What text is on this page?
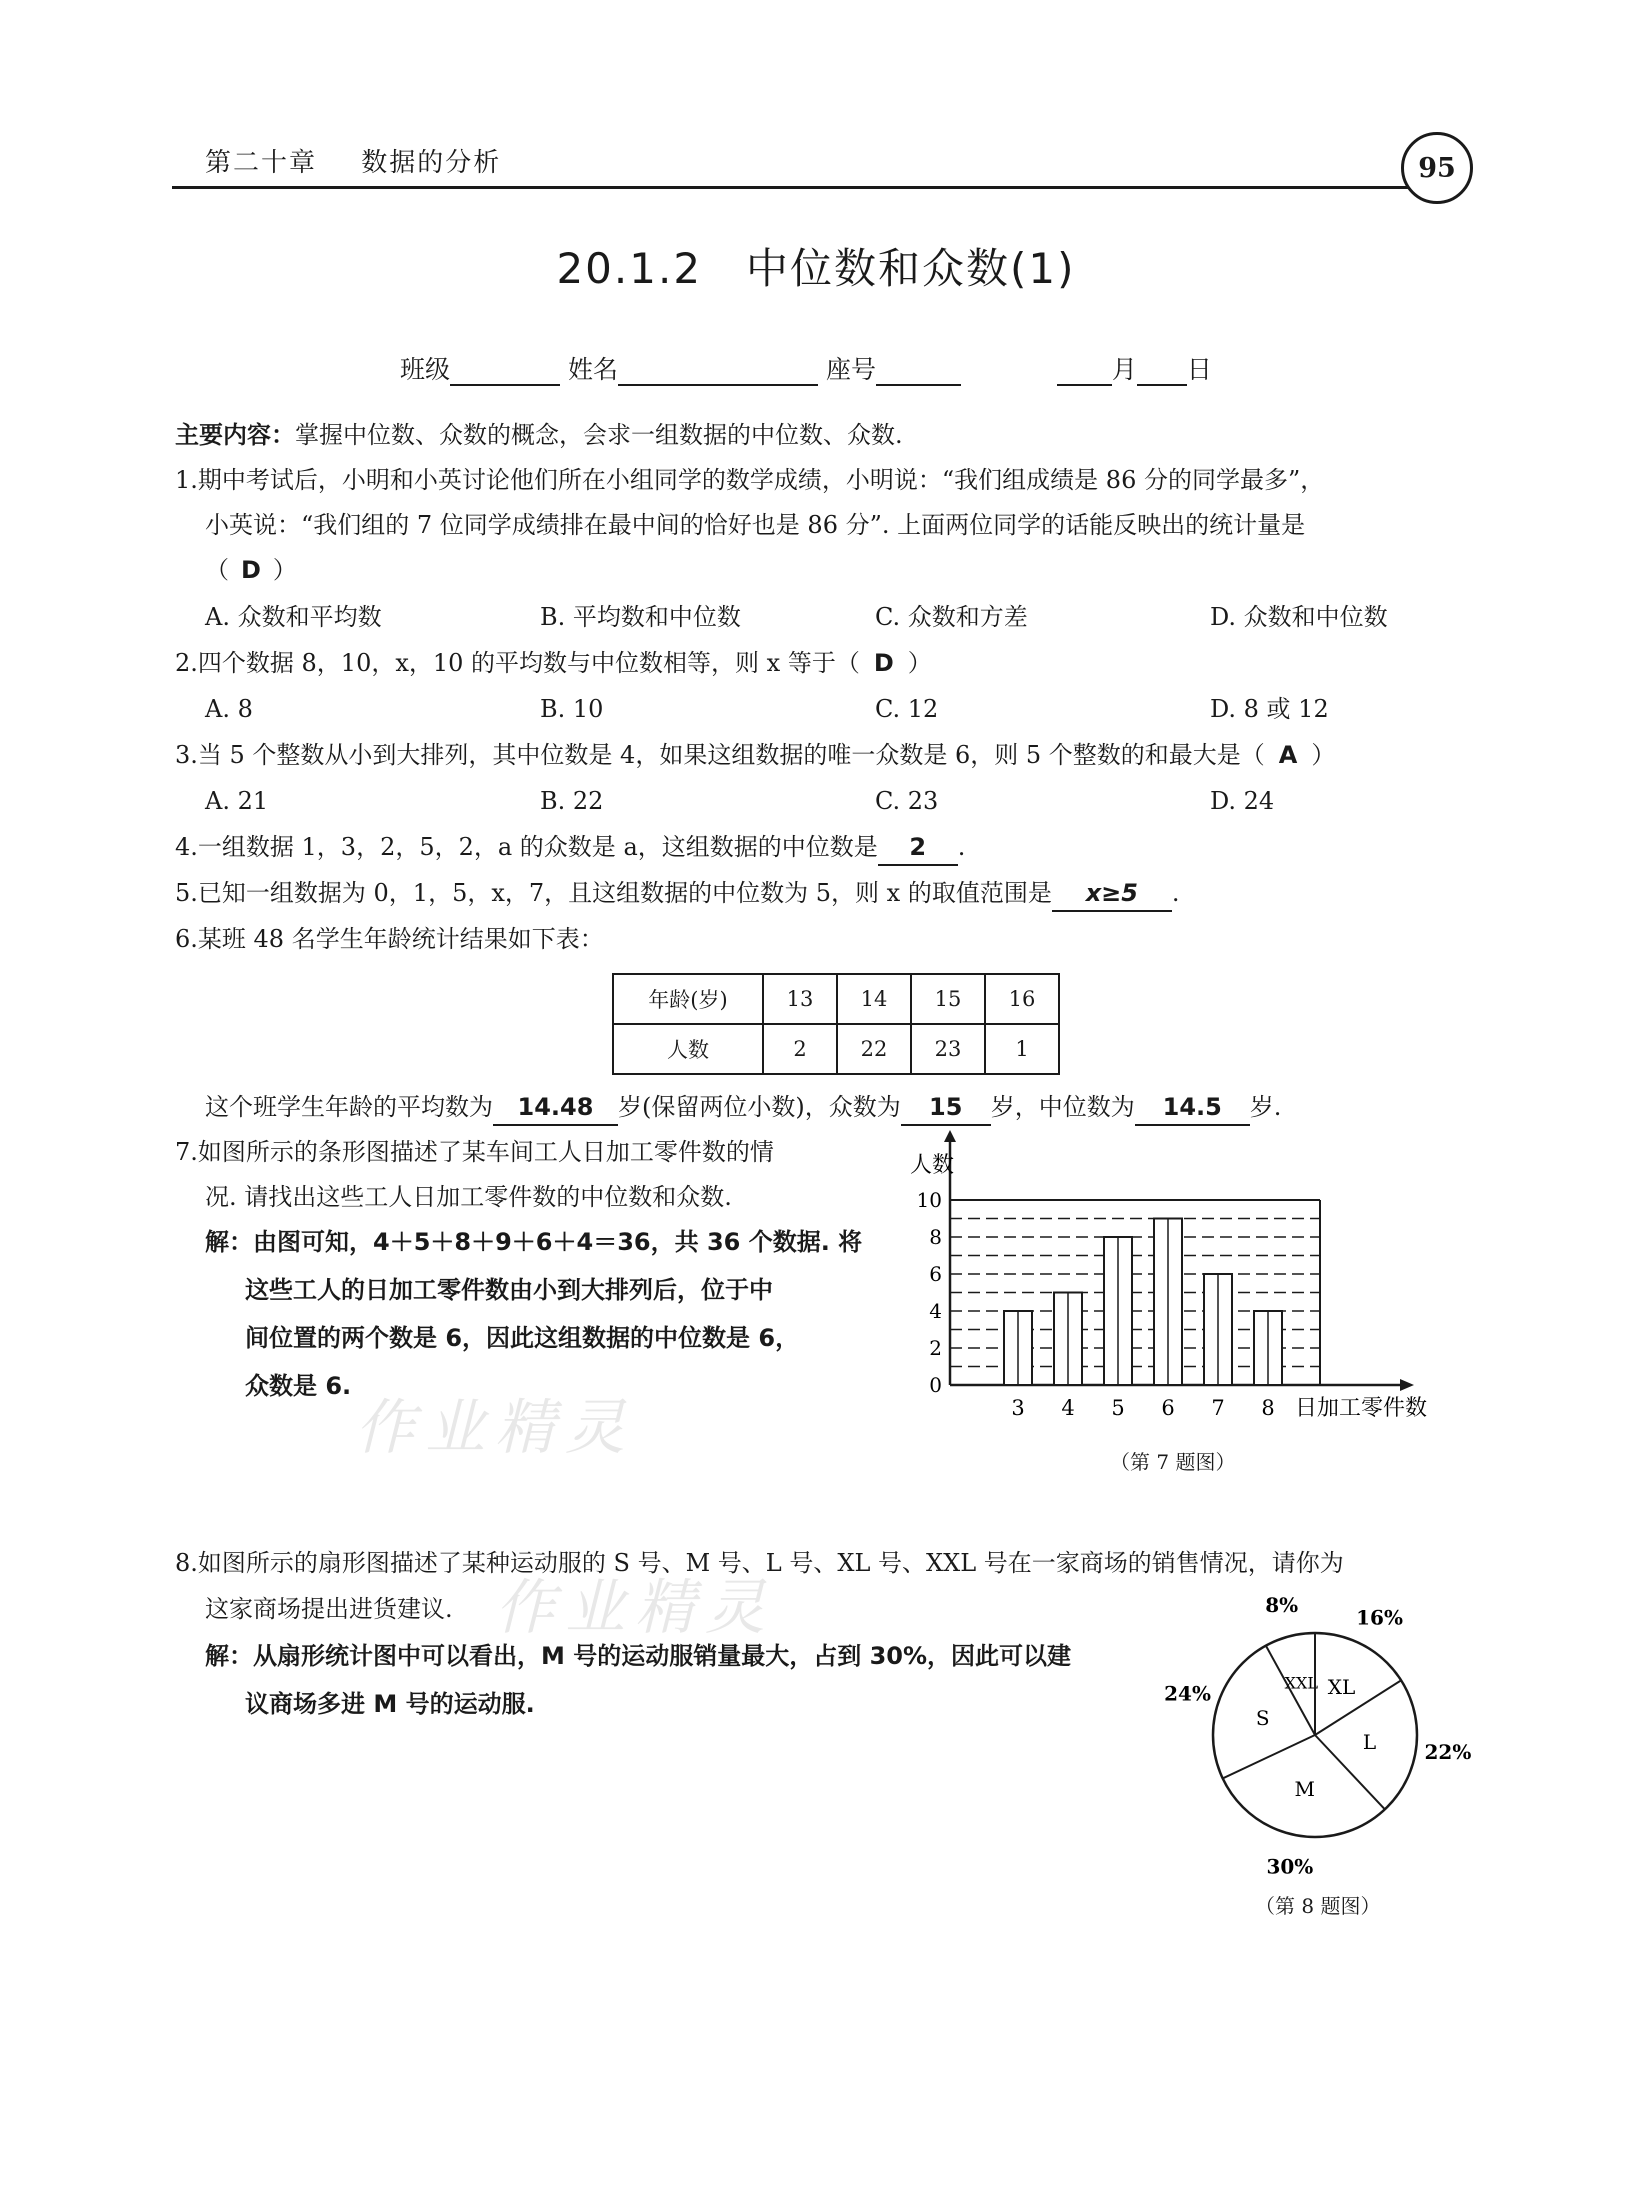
第二十章 数据的分析	95
20.1.2　中位数和众数(1)
班级	姓名	座号	月 日
主要内容：掌握中位数、众数的概念，会求一组数据的中位数、众数.
1.期中考试后，小明和小英讨论他们所在小组同学的数学成绩，小明说：“我们组成绩是 86 分的同学最多”，
小英说：“我们组的 7 位同学成绩排在最中间的恰好也是 86 分”. 上面两位同学的话能反映出的统计量是
（ D ）
A. 众数和平均数	B. 平均数和中位数	C. 众数和方差	D. 众数和中位数
2.四个数据 8，10，x，10 的平均数与中位数相等，则 x 等于（ D ）
A. 8	B. 10	C. 12	D. 8 或 12
3.当 5 个整数从小到大排列，其中位数是 4，如果这组数据的唯一众数是 6，则 5 个整数的和最大是（ A ）
A. 21	B. 22	C. 23	D. 24
4.一组数据 1，3，2，5，2，a 的众数是 a，这组数据的中位数是 2 .
5.已知一组数据为 0，1，5，x，7，且这组数据的中位数为 5，则 x 的取值范围是 x≥5 .
6.某班 48 名学生年龄统计结果如下表：
年龄(岁)	13	14	15	16
人数	2	22	23	1
这个班学生年龄的平均数为 14.48 岁(保留两位小数)，众数为 15 岁，中位数为 14.5 岁.
7.如图所示的条形图描述了某车间工人日加工零件数的情
况. 请找出这些工人日加工零件数的中位数和众数.
解：由图可知，4＋5＋8＋9＋6＋4＝36，共 36 个数据. 将
这些工人的日加工零件数由小到大排列后，位于中
间位置的两个数是 6，因此这组数据的中位数是 6，
众数是 6.	0
2
4
6
8
10
人数
3 4 5 6 7 8 日加工零件数
（第 7 题图）
作业精灵
作业精灵
8.如图所示的扇形图描述了某种运动服的 S 号、M 号、L 号、XL 号、XXL 号在一家商场的销售情况，请你为
这家商场提出进货建议.
解：从扇形统计图中可以看出，M 号的运动服销量最大，占到 30%，因此可以建
议商场多进 M 号的运动服.
XXL
8%
XL
16%
L 22%
M
30%
S
24%
（第 8 题图）
